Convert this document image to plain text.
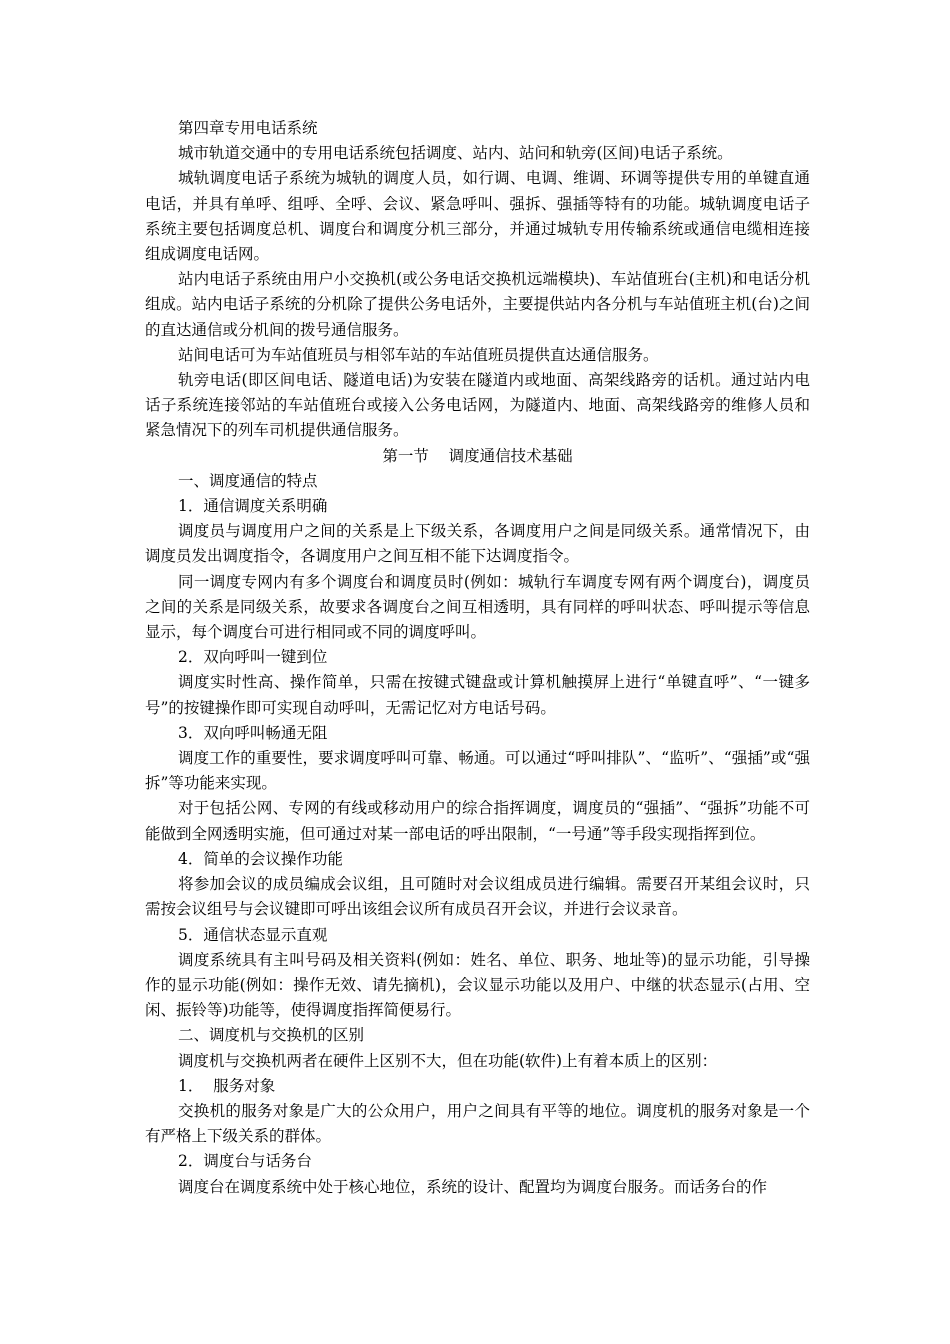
第四章专用电话系统

城市轨道交通中的专用电话系统包括调度、站内、站问和轨旁(区间)电话子系统。

城轨调度电话子系统为城轨的调度人员，如行调、电调、维调、环调等提供专用的单键直通电话，并具有单呼、组呼、全呼、会议、紧急呼叫、强拆、强插等特有的功能。城轨调度电话子系统主要包括调度总机、调度台和调度分机三部分，并通过城轨专用传输系统或通信电缆相连接组成调度电话网。

站内电话子系统由用户小交换机(或公务电话交换机远端模块)、车站值班台(主机)和电话分机组成。站内电话子系统的分机除了提供公务电话外，主要提供站内各分机与车站值班主机(台)之间的直达通信或分机间的拨号通信服务。

站间电话可为车站值班员与相邻车站的车站值班员提供直达通信服务。

轨旁电话(即区间电话、隧道电话)为安装在隧道内或地面、高架线路旁的话机。通过站内电话子系统连接邻站的车站值班台或接入公务电话网，为隧道内、地面、高架线路旁的维修人员和紧急情况下的列车司机提供通信服务。

第一节    调度通信技术基础

一、调度通信的特点

1．通信调度关系明确

调度员与调度用户之间的关系是上下级关系，各调度用户之间是同级关系。通常情况下，由调度员发出调度指令，各调度用户之间互相不能下达调度指令。

同一调度专网内有多个调度台和调度员时(例如：城轨行车调度专网有两个调度台)，调度员之间的关系是同级关系，故要求各调度台之间互相透明，具有同样的呼叫状态、呼叫提示等信息显示，每个调度台可进行相同或不同的调度呼叫。

2．双向呼叫一键到位

调度实时性高、操作简单，只需在按键式键盘或计算机触摸屏上进行“单键直呼”、“一键多号”的按键操作即可实现自动呼叫，无需记忆对方电话号码。

3．双向呼叫畅通无阻

调度工作的重要性，要求调度呼叫可靠、畅通。可以通过“呼叫排队”、“监听”、“强插”或“强拆”等功能来实现。

对于包括公网、专网的有线或移动用户的综合指挥调度，调度员的“强插”、“强拆”功能不可能做到全网透明实施，但可通过对某一部电话的呼出限制，“一号通”等手段实现指挥到位。

4．简单的会议操作功能

将参加会议的成员编成会议组，且可随时对会议组成员进行编辑。需要召开某组会议时，只需按会议组号与会议键即可呼出该组会议所有成员召开会议，并进行会议录音。

5．通信状态显示直观

调度系统具有主叫号码及相关资料(例如：姓名、单位、职务、地址等)的显示功能，引导操作的显示功能(例如：操作无效、请先摘机)，会议显示功能以及用户、中继的状态显示(占用、空闲、振铃等)功能等，使得调度指挥简便易行。

二、调度机与交换机的区别

调度机与交换机两者在硬件上区别不大，但在功能(软件)上有着本质上的区别：

1．  服务对象

交换机的服务对象是广大的公众用户，用户之间具有平等的地位。调度机的服务对象是一个有严格上下级关系的群体。

2．调度台与话务台

调度台在调度系统中处于核心地位，系统的设计、配置均为调度台服务。而话务台的作
